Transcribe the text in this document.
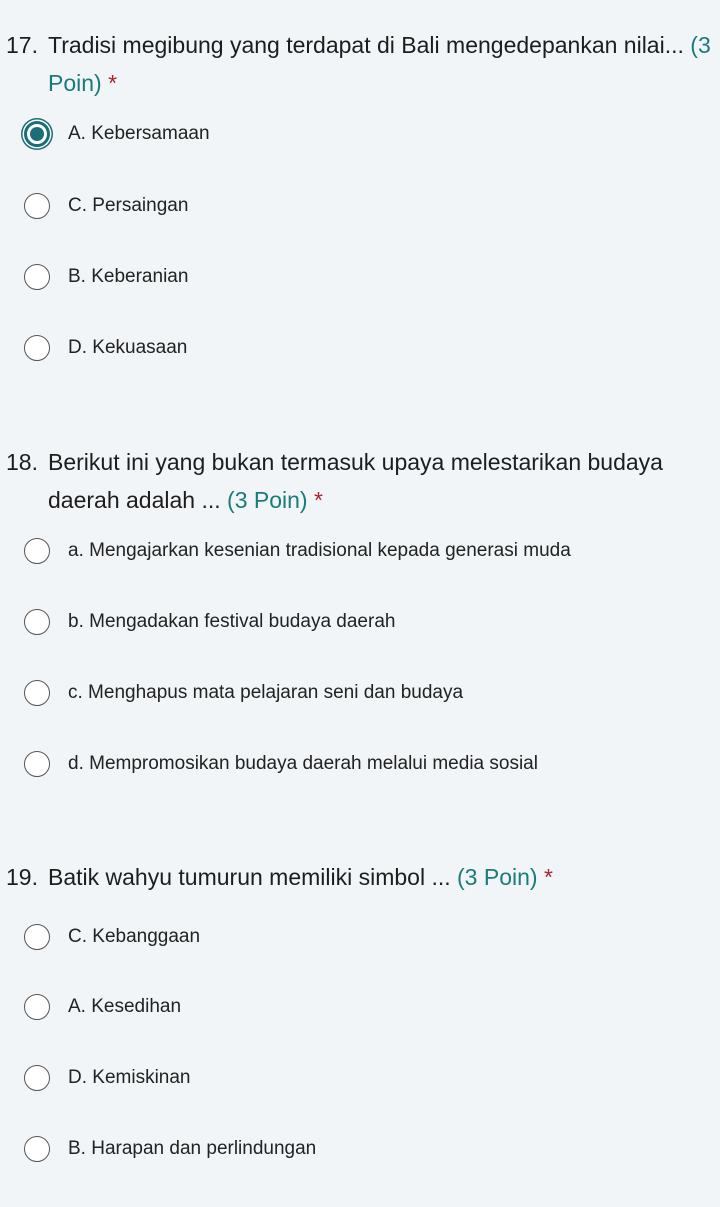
17. Tradisi megibung yang terdapat di Bali mengedepankan nilai... (3 Poin) *
A. Kebersamaan
C. Persaingan
B. Keberanian
D. Kekuasaan
18. Berikut ini yang bukan termasuk upaya melestarikan budaya daerah adalah ... (3 Poin) *
a. Mengajarkan kesenian tradisional kepada generasi muda
b. Mengadakan festival budaya daerah
c. Menghapus mata pelajaran seni dan budaya
d. Mempromosikan budaya daerah melalui media sosial
19. Batik wahyu tumurun memiliki simbol ... (3 Poin) *
C. Kebanggaan
A. Kesedihan
D. Kemiskinan
B. Harapan dan perlindungan
